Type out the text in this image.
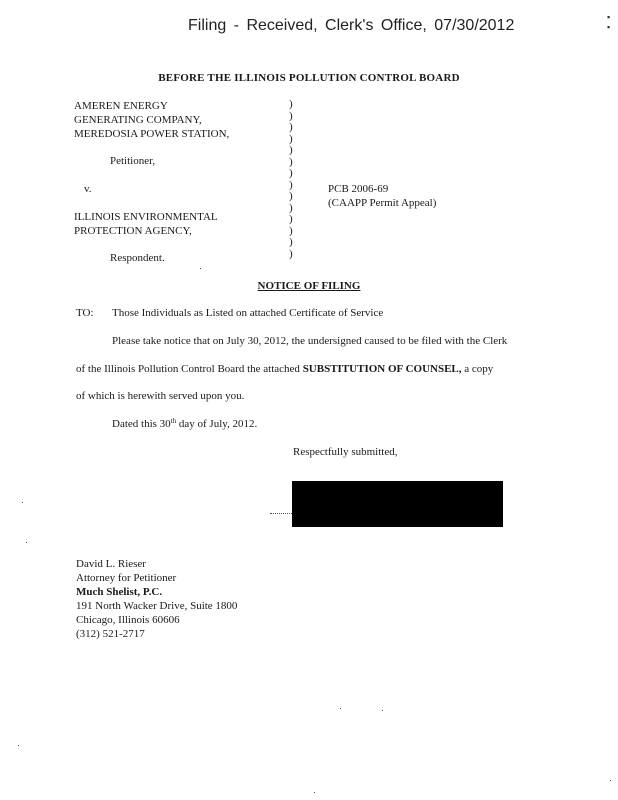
Filing - Received, Clerk's Office, 07/30/2012	▪
▪
BEFORE THE ILLINOIS POLLUTION CONTROL BOARD
AMEREN ENERGY
GENERATING COMPANY,
MEREDOSIA POWER STATION,
Petitioner,
v.
ILLINOIS ENVIRONMENTAL
PROTECTION AGENCY,
Respondent.
)
)
)
)
)
)
)
)
)
)
)
)
)
)
PCB 2006-69
(CAAPP Permit Appeal)
NOTICE OF FILING
TO: Those Individuals as Listed on attached Certificate of Service
Please take notice that on July 30, 2012, the undersigned caused to be filed with the Clerk
of the Illinois Pollution Control Board the attached SUBSTITUTION OF COUNSEL, a copy
of which is herewith served upon you.
Dated this 30th day of July, 2012.
Respectfully submitted,
David L. Rieser
Attorney for Petitioner
Much Shelist, P.C.
191 North Wacker Drive, Suite 1800
Chicago, Illinois 60606
(312) 521-2717
